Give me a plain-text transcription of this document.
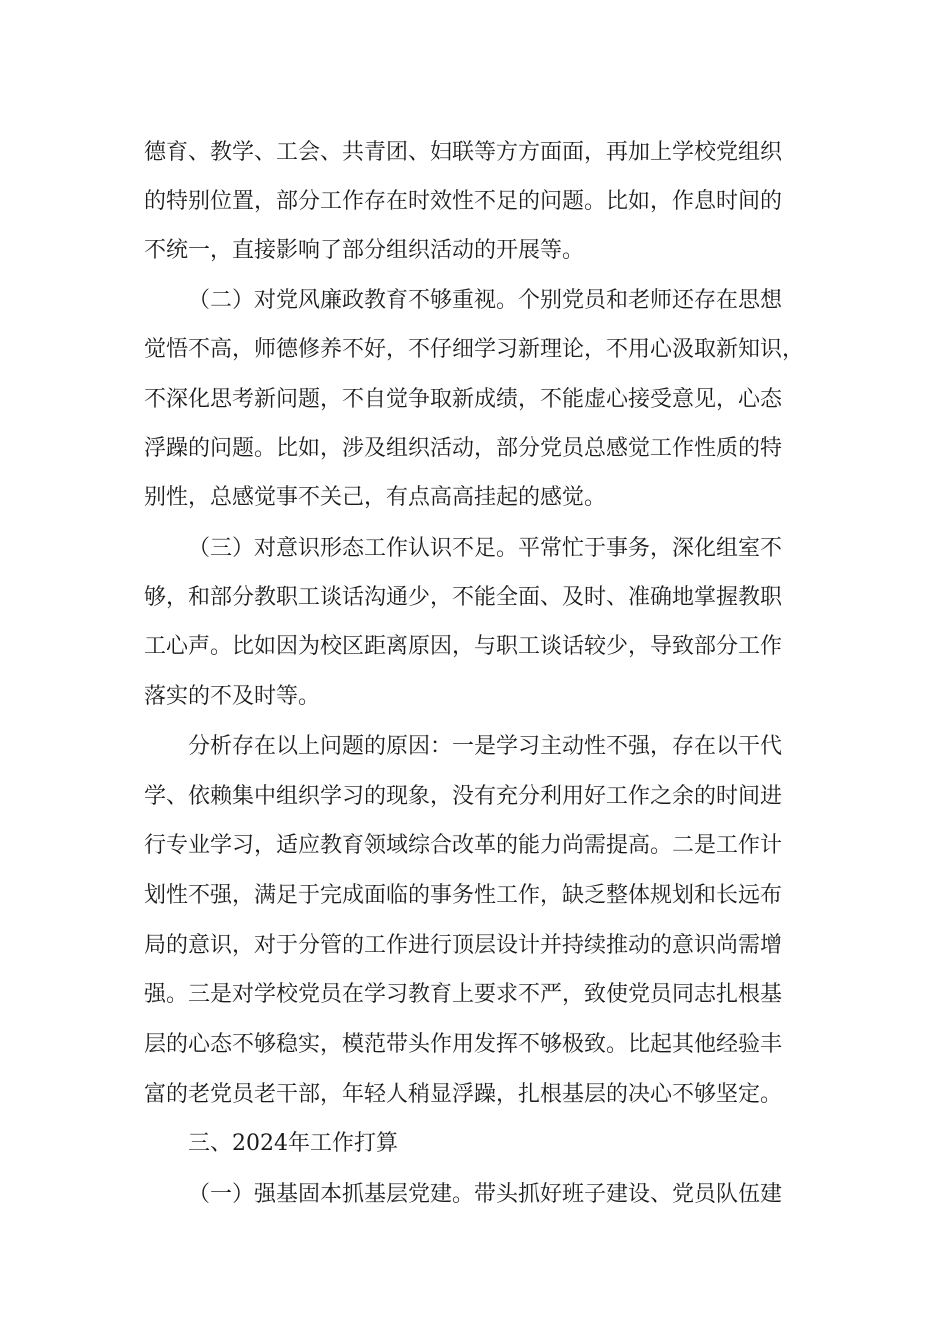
德育、教学、工会、共青团、妇联等方方面面，再加上学校党组织
的特别位置，部分工作存在时效性不足的问题。比如，作息时间的
不统一，直接影响了部分组织活动的开展等。
（二）对党风廉政教育不够重视。个别党员和老师还存在思想
觉悟不高，师德修养不好，不仔细学习新理论，不用心汲取新知识，
不深化思考新问题，不自觉争取新成绩，不能虚心接受意见，心态
浮躁的问题。比如，涉及组织活动，部分党员总感觉工作性质的特
别性，总感觉事不关己，有点高高挂起的感觉。
（三）对意识形态工作认识不足。平常忙于事务，深化组室不
够，和部分教职工谈话沟通少，不能全面、及时、准确地掌握教职
工心声。比如因为校区距离原因，与职工谈话较少，导致部分工作
落实的不及时等。
分析存在以上问题的原因：一是学习主动性不强，存在以干代
学、依赖集中组织学习的现象，没有充分利用好工作之余的时间进
行专业学习，适应教育领域综合改革的能力尚需提高。二是工作计
划性不强，满足于完成面临的事务性工作，缺乏整体规划和长远布
局的意识，对于分管的工作进行顶层设计并持续推动的意识尚需增
强。三是对学校党员在学习教育上要求不严，致使党员同志扎根基
层的心态不够稳实，模范带头作用发挥不够极致。比起其他经验丰
富的老党员老干部，年轻人稍显浮躁，扎根基层的决心不够坚定。
三、2024年工作打算
（一）强基固本抓基层党建。带头抓好班子建设、党员队伍建
